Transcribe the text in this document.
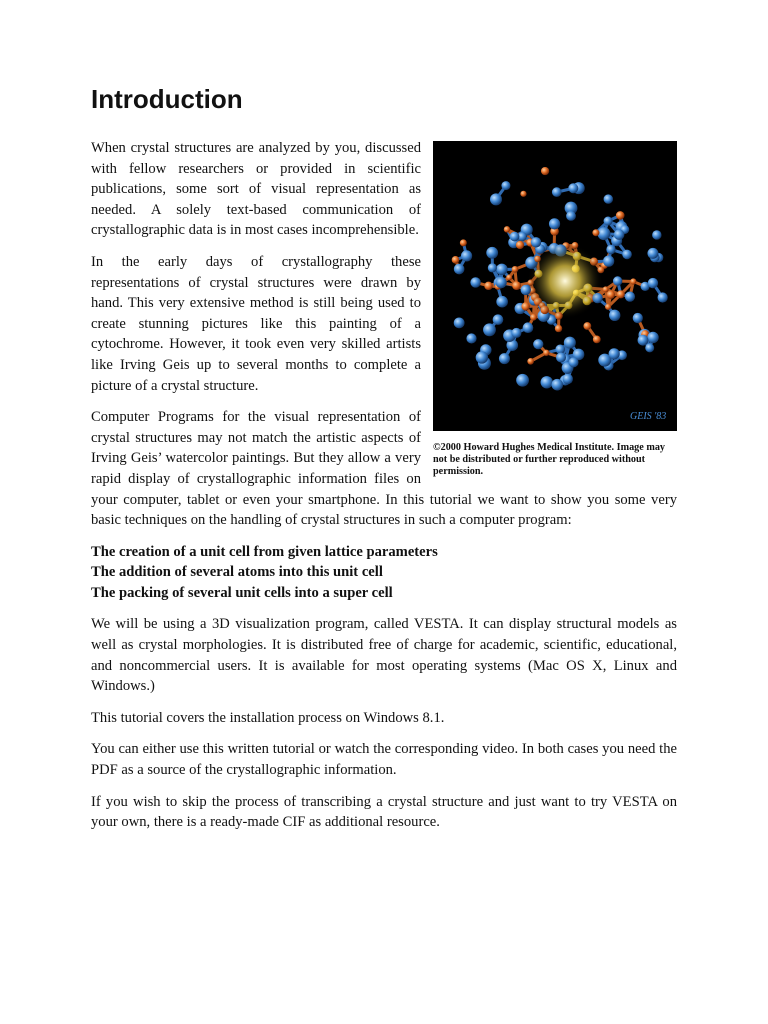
Introduction
GEIS '83
©2000 Howard Hughes Medical Institute. Image may not be distributed or further reproduced without permission.

When crystal structures are analyzed by you, discussed with fellow researchers or provided in scientific publications, some sort of visual representation as needed. A solely text-based communication of crystallographic data is in most cases incomprehensible.

In the early days of crystallography these representations of crystal structures were drawn by hand. This very extensive method is still being used to create stunning pictures like this painting of a cytochrome. However, it took even very skilled artists like Irving Geis up to several months to complete a picture of a crystal structure.

Computer Programs for the visual representation of crystal structures may not match the artistic aspects of Irving Geis’ watercolor paintings. But they allow a very rapid display of crystallographic information files on your computer, tablet or even your smartphone. In this tutorial we want to show you some very basic techniques on the handling of crystal structures in such a computer program:

The creation of a unit cell from given lattice parameters
The addition of several atoms into this unit cell
The packing of several unit cells into a super cell

We will be using a 3D visualization program, called VESTA. It can display structural models as well as crystal morphologies. It is distributed free of charge for academic, scientific, educational, and noncommercial users. It is available for most operating systems (Mac OS X, Linux and Windows.)

This tutorial covers the installation process on Windows 8.1.

You can either use this written tutorial or watch the corresponding video. In both cases you need the PDF as a source of the crystallographic information.

If you wish to skip the process of transcribing a crystal structure and just want to try VESTA on your own, there is a ready-made CIF as additional resource.
